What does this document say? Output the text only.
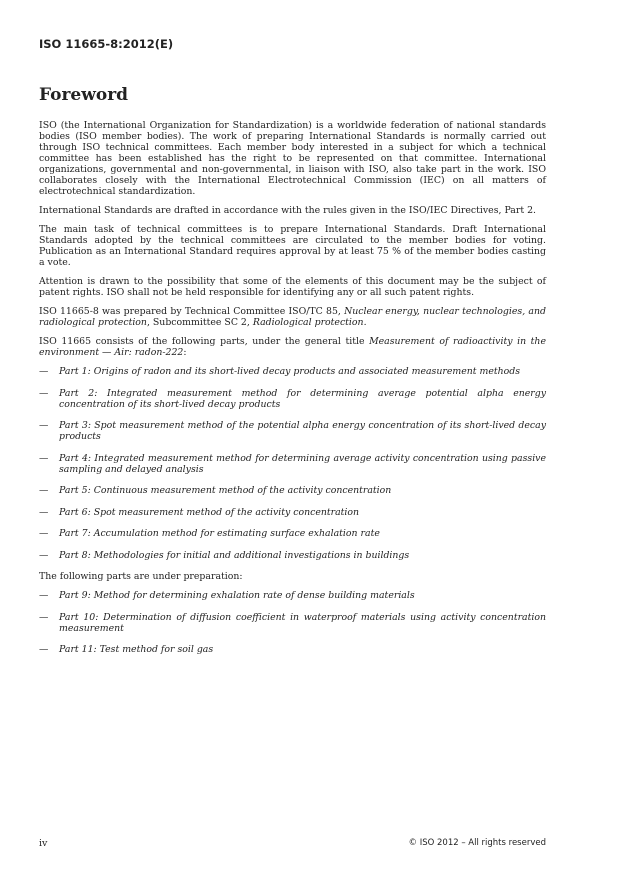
ISO 11665-8:2012(E)
Foreword

ISO (the International Organization for Standardization) is a worldwide federation of national standards bodies (ISO member bodies). The work of preparing International Standards is normally carried out through ISO technical committees. Each member body interested in a subject for which a technical committee has been established has the right to be represented on that committee. International organizations, governmental and non-governmental, in liaison with ISO, also take part in the work. ISO collaborates closely with the International Electrotechnical Commission (IEC) on all matters of electrotechnical standardization.

International Standards are drafted in accordance with the rules given in the ISO/IEC Directives, Part 2.

The main task of technical committees is to prepare International Standards. Draft International Standards adopted by the technical committees are circulated to the member bodies for voting. Publication as an International Standard requires approval by at least 75 % of the member bodies casting a vote.

Attention is drawn to the possibility that some of the elements of this document may be the subject of patent rights. ISO shall not be held responsible for identifying any or all such patent rights.

ISO 11665-8 was prepared by Technical Committee ISO/TC 85, Nuclear energy, nuclear technologies, and radiological protection, Subcommittee SC 2, Radiological protection.

ISO 11665 consists of the following parts, under the general title Measurement of radioactivity in the environment — Air: radon-222:

— Part 1: Origins of radon and its short-lived decay products and associated measurement methods
— Part 2: Integrated measurement method for determining average potential alpha energy concentration of its short-lived decay products
— Part 3: Spot measurement method of the potential alpha energy concentration of its short-lived decay products
— Part 4: Integrated measurement method for determining average activity concentration using passive sampling and delayed analysis
— Part 5: Continuous measurement method of the activity concentration
— Part 6: Spot measurement method of the activity concentration
— Part 7: Accumulation method for estimating surface exhalation rate
— Part 8: Methodologies for initial and additional investigations in buildings

The following parts are under preparation:

— Part 9: Method for determining exhalation rate of dense building materials
— Part 10: Determination of diffusion coefficient in waterproof materials using activity concentration measurement
— Part 11: Test method for soil gas
iv	© ISO 2012 – All rights reserved
